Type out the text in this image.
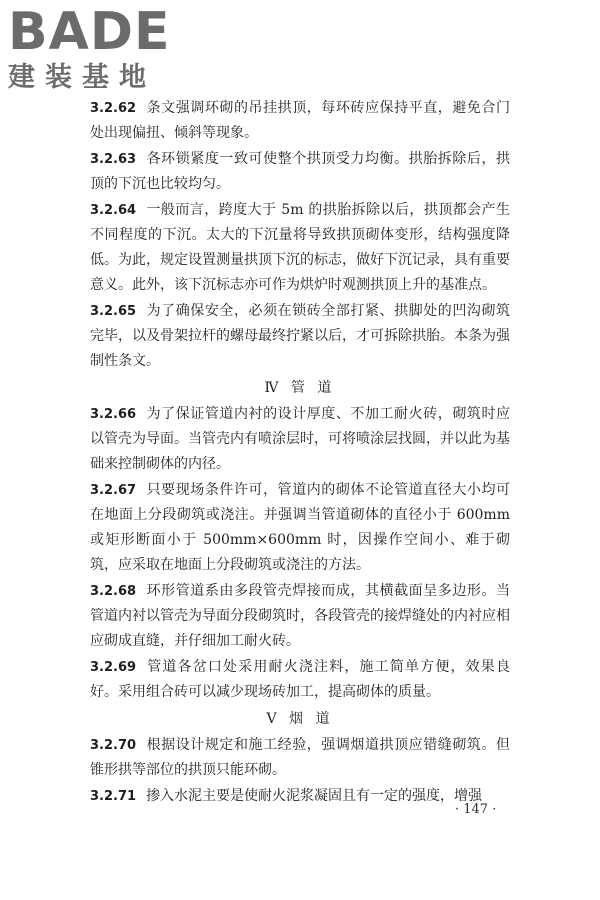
BADE
建装基地

3.2.62 条文强调环砌的吊挂拱顶，每环砖应保持平直，避免合门处出现偏扭、倾斜等现象。

3.2.63 各环锁紧度一致可使整个拱顶受力均衡。拱胎拆除后，拱顶的下沉也比较均匀。

3.2.64 一般而言，跨度大于 5m 的拱胎拆除以后，拱顶都会产生不同程度的下沉。太大的下沉量将导致拱顶砌体变形，结构强度降低。为此，规定设置测量拱顶下沉的标志，做好下沉记录，具有重要意义。此外，该下沉标志亦可作为烘炉时观测拱顶上升的基准点。

3.2.65 为了确保安全，必须在锁砖全部打紧、拱脚处的凹沟砌筑完毕，以及骨架拉杆的螺母最终拧紧以后，才可拆除拱胎。本条为强制性条文。

Ⅳ 管 道

3.2.66 为了保证管道内衬的设计厚度、不加工耐火砖，砌筑时应以管壳为导面。当管壳内有喷涂层时，可将喷涂层找圆，并以此为基础来控制砌体的内径。

3.2.67 只要现场条件许可，管道内的砌体不论管道直径大小均可在地面上分段砌筑或浇注。并强调当管道砌体的直径小于 600mm 或矩形断面小于 500mm×600mm 时，因操作空间小、难于砌筑，应采取在地面上分段砌筑或浇注的方法。

3.2.68 环形管道系由多段管壳焊接而成，其横截面呈多边形。当管道内衬以管壳为导面分段砌筑时，各段管壳的接焊缝处的内衬应相应砌成直缝，并仔细加工耐火砖。

3.2.69 管道各岔口处采用耐火浇注料，施工简单方便，效果良好。采用组合砖可以减少现场砖加工，提高砌体的质量。

Ⅴ 烟 道

3.2.70 根据设计规定和施工经验，强调烟道拱顶应错缝砌筑。但锥形拱等部位的拱顶只能环砌。

3.2.71 掺入水泥主要是使耐火泥浆凝固且有一定的强度，增强

· 147 ·
